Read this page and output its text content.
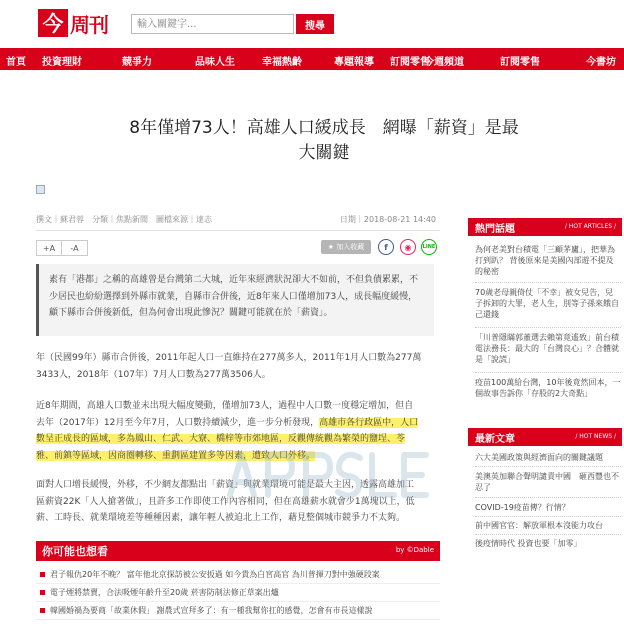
今 周刊
輸入關鍵字...	搜尋
首頁 投資理財	競爭力	品味人生	幸福熱齡	專題報導 訂閱零售
今週頻道	訂閱零售	今書坊
8年僅增73人！高雄人口緩成長　網曝「薪資」是最
大關鍵
撰文｜蘇君蓉　分類｜焦點新聞　圖檔來源｜達志	日期｜2018-08-21 14:40
+A	-A	★ 加入收藏	f	◉	LINE
素有「港都」之稱的高雄曾是台灣第二大城，近年來經濟狀況卻大不如前，不但負債累累，不少居民也紛紛選擇到外縣市就業，自縣市合併後，近8年來人口僅增加73人，成長幅度緩慢，顧下縣市合併後新低，但為何會出現此慘況？關鍵可能就在於「薪資」。
年（民國99年）縣市合併後，2011年起人口一直維持在277萬多人，2011年1月人口數為277萬
3433人，2018年（107年）7月人口數為277萬3506人。
近8年期間，高雄人口數並未出現大幅度變動，僅增加73人，過程中人口數一度穩定增加，但自
去年（2017年）12月至今年7月，人口數持續減少，進一步分析發現，高雄市各行政區中，人口
數呈正成長的區域，多為鳳山、仁武、大寮、橋梓等市郊地區，反觀傳統觀為繁榮的鹽埕、苓
雅、前鎮等區域，因商圈轉移、重劃區建置多等因素，遭致人口外移。
面對人口增長緩慢，外移，不少網友都點出「薪資」與就業環境可能是最大主因，透露高雄加工
區薪資22K「人人搶著做」，且許多工作即使工作內容相同，但在高雄薪水就會少1萬塊以上，低
薪、工時長、就業環境差等種種因素，讓年輕人被迫北上工作，藉見整個城市競爭力不太夠。
你可能也想看	by ©Dable
君子報仇20年不晚？ 富年他北京探訪被公安扳過 如今貴為白宮高官 為川普揮刀對中強硬段案
電子煙將禁賣，合法吸煙年齡升至20歲 菸害防制法修正草案出爐
韓國婚禍為要商「故業休假」 謝農式宣拜多了：有一種我幫你扛的感覺，怎會有市長這樣說
熱門話題	/ HOT ARTICLES /
為何老美對台積電「三顧茅廬」，把華為打到趴？ 背後原來是美國內部遊不提及的秘密
70歲老母親倚仗「不幸」被女兒告，兒子拆卸的大罪，老人生，別等子孫來餓自己還錢
「川普隱瞞郭董選去賴第竟遙致」前台積電法務長：最大的「台灣良心」？合體就是「說謊」
疫苗100萬給台灣，10年後竟然回本，一個故事告訴你「存股的2大奇點」
最新文章	/ HOT NEWS /
六大美國政策與經濟面向的關鍵議題
美澳英加聯合聲明譴責中國　砸西豐也不忍了
COVID-19疫苗傳？行情？
前中國官官：解放軍根本沒能力攻台
後疫情時代 投資也要「加零」
